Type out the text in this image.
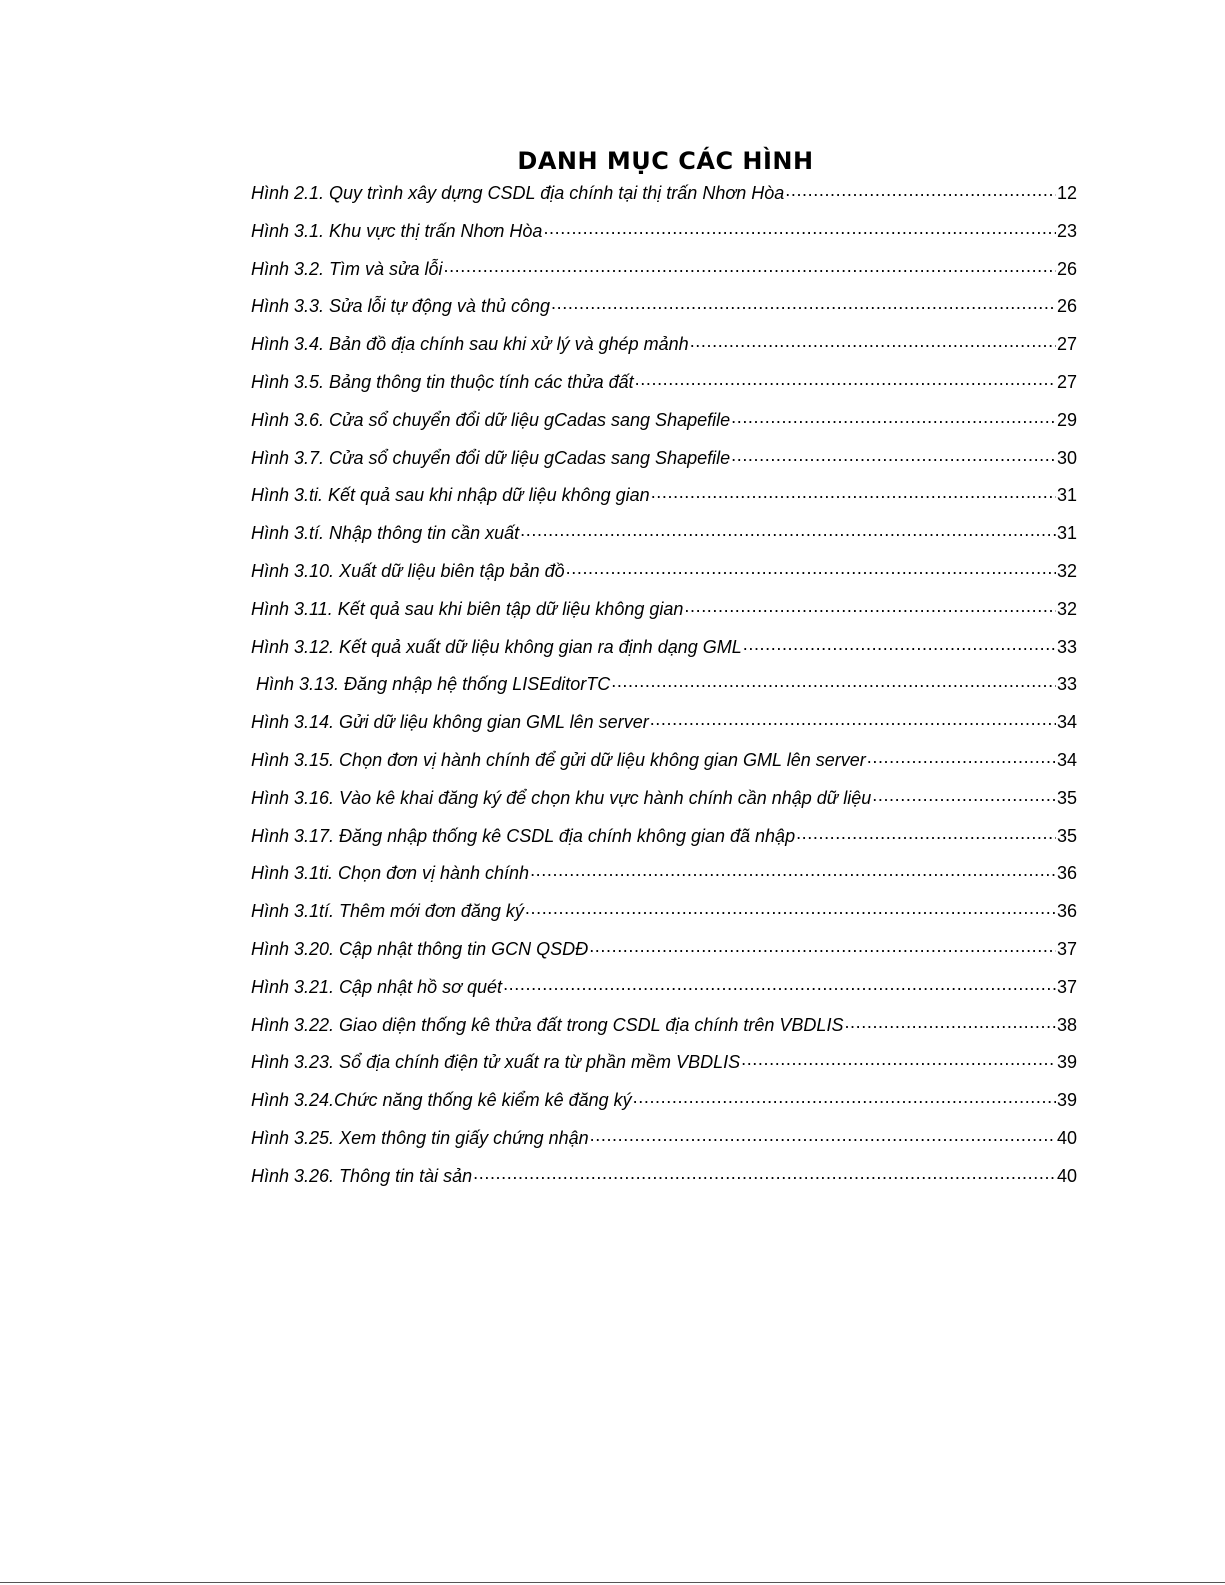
DANH MỤC CÁC HÌNH
Hình 2.1. Quy trình xây dựng CSDL địa chính tại thị trấn Nhơn Hòa .....	12
Hình 3.1. Khu vực thị trấn Nhơn Hòa .....	23
Hình 3.2. Tìm và sửa lỗi .....	26
Hình 3.3. Sửa lỗi tự động và thủ công .....	26
Hình 3.4. Bản đồ địa chính sau khi xử lý và ghép mảnh .....	27
Hình 3.5. Bảng thông tin thuộc tính các thửa đất .....	27
Hình 3.6. Cửa sổ chuyển đổi dữ liệu gCadas sang Shapefile .....	29
Hình 3.7. Cửa sổ chuyển đổi dữ liệu gCadas sang Shapefile .....	30
Hình 3.ti. Kết quả sau khi nhập dữ liệu không gian .....	31
Hình 3.tí. Nhập thông tin cần xuất .....	31
Hình 3.10. Xuất dữ liệu biên tập bản đồ .....	32
Hình 3.11. Kết quả sau khi biên tập dữ liệu không gian .....	32
Hình 3.12. Kết quả xuất dữ liệu không gian ra định dạng GML .....	33
Hình 3.13. Đăng nhập hệ thống LISEditorTC .....	33
Hình 3.14. Gửi dữ liệu không gian GML lên server .....	34
Hình 3.15. Chọn đơn vị hành chính để gửi dữ liệu không gian GML lên server .....	34
Hình 3.16. Vào kê khai đăng ký để chọn khu vực hành chính cần nhập dữ liệu .....	35
Hình 3.17. Đăng nhập thống kê CSDL địa chính không gian đã nhập .....	35
Hình 3.1ti. Chọn đơn vị hành chính .....	36
Hình 3.1tí. Thêm mới đơn đăng ký .....	36
Hình 3.20. Cập nhật thông tin GCN QSDĐ .....	37
Hình 3.21. Cập nhật hồ sơ quét .....	37
Hình 3.22. Giao diện thống kê thửa đất trong CSDL địa chính trên VBDLIS .....	38
Hình 3.23. Sổ địa chính điện tử xuất ra từ phần mềm VBDLIS .....	39
Hình 3.24.Chức năng thống kê kiểm kê đăng ký .....	39
Hình 3.25. Xem thông tin giấy chứng nhận .....	40
Hình 3.26. Thông tin tài sản .....	40
